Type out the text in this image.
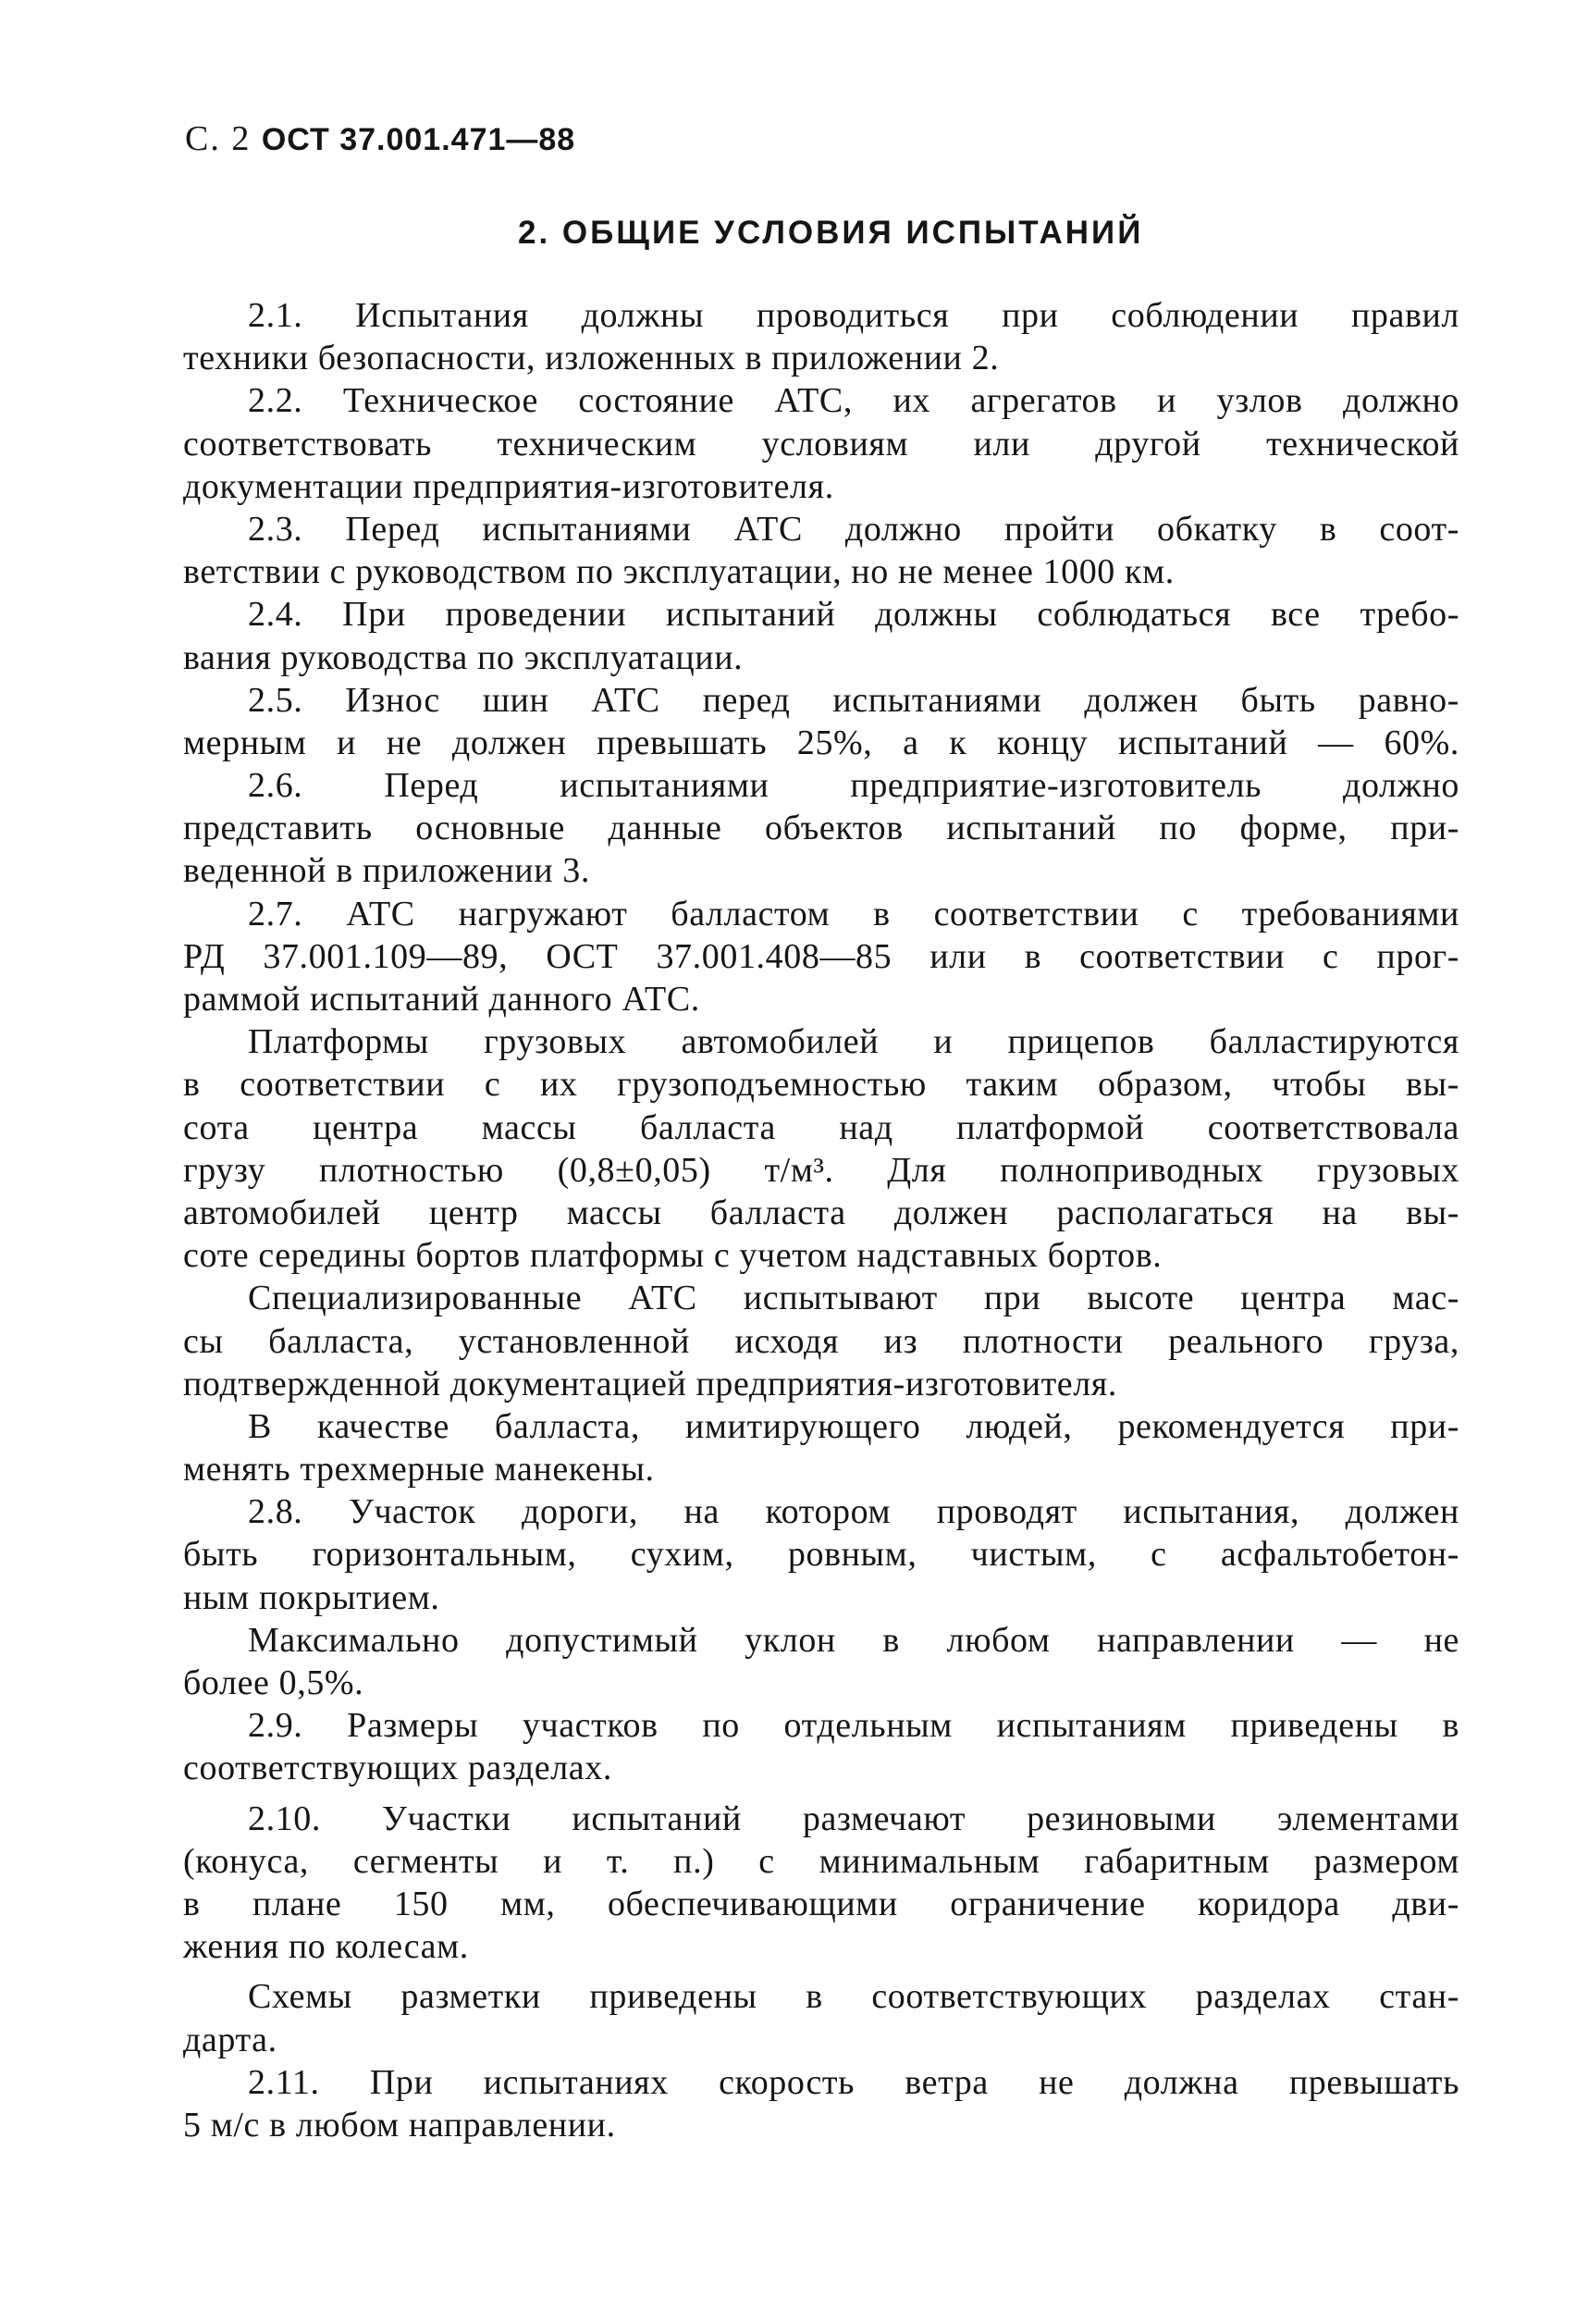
С. 2 ОСТ 37.001.471—88
2. ОБЩИЕ УСЛОВИЯ ИСПЫТАНИЙ
2.1. Испытания должны проводиться при соблюдении правил
техники безопасности, изложенных в приложении 2.
2.2. Техническое состояние АТС, их агрегатов и узлов должно
соответствовать техническим условиям или другой технической
документации предприятия-изготовителя.
2.3. Перед испытаниями АТС должно пройти обкатку в соот-
ветствии с руководством по эксплуатации, но не менее 1000 км.
2.4. При проведении испытаний должны соблюдаться все требо-
вания руководства по эксплуатации.
2.5. Износ шин АТС перед испытаниями должен быть равно-
мерным и не должен превышать 25%, а к концу испытаний — 60%.
2.6. Перед испытаниями предприятие-изготовитель должно
представить основные данные объектов испытаний по форме, при-
веденной в приложении 3.
2.7. АТС нагружают балластом в соответствии с требованиями
РД 37.001.109—89, ОСТ 37.001.408—85 или в соответствии с прог-
раммой испытаний данного АТС.
Платформы грузовых автомобилей и прицепов балластируются
в соответствии с их грузоподъемностью таким образом, чтобы вы-
сота центра массы балласта над платформой соответствовала
грузу плотностью (0,8±0,05) т/м³. Для полноприводных грузовых
автомобилей центр массы балласта должен располагаться на вы-
соте середины бортов платформы с учетом надставных бортов.
Специализированные АТС испытывают при высоте центра мас-
сы балласта, установленной исходя из плотности реального груза,
подтвержденной документацией предприятия-изготовителя.
В качестве балласта, имитирующего людей, рекомендуется при-
менять трехмерные манекены.
2.8. Участок дороги, на котором проводят испытания, должен
быть горизонтальным, сухим, ровным, чистым, с асфальтобетон-
ным покрытием.
Максимально допустимый уклон в любом направлении — не
более 0,5%.
2.9. Размеры участков по отдельным испытаниям приведены в
соответствующих разделах.
2.10. Участки испытаний размечают резиновыми элементами
(конуса, сегменты и т. п.) с минимальным габаритным размером
в плане 150 мм, обеспечивающими ограничение коридора дви-
жения по колесам.
Схемы разметки приведены в соответствующих разделах стан-
дарта.
2.11. При испытаниях скорость ветра не должна превышать
5 м/с в любом направлении.
